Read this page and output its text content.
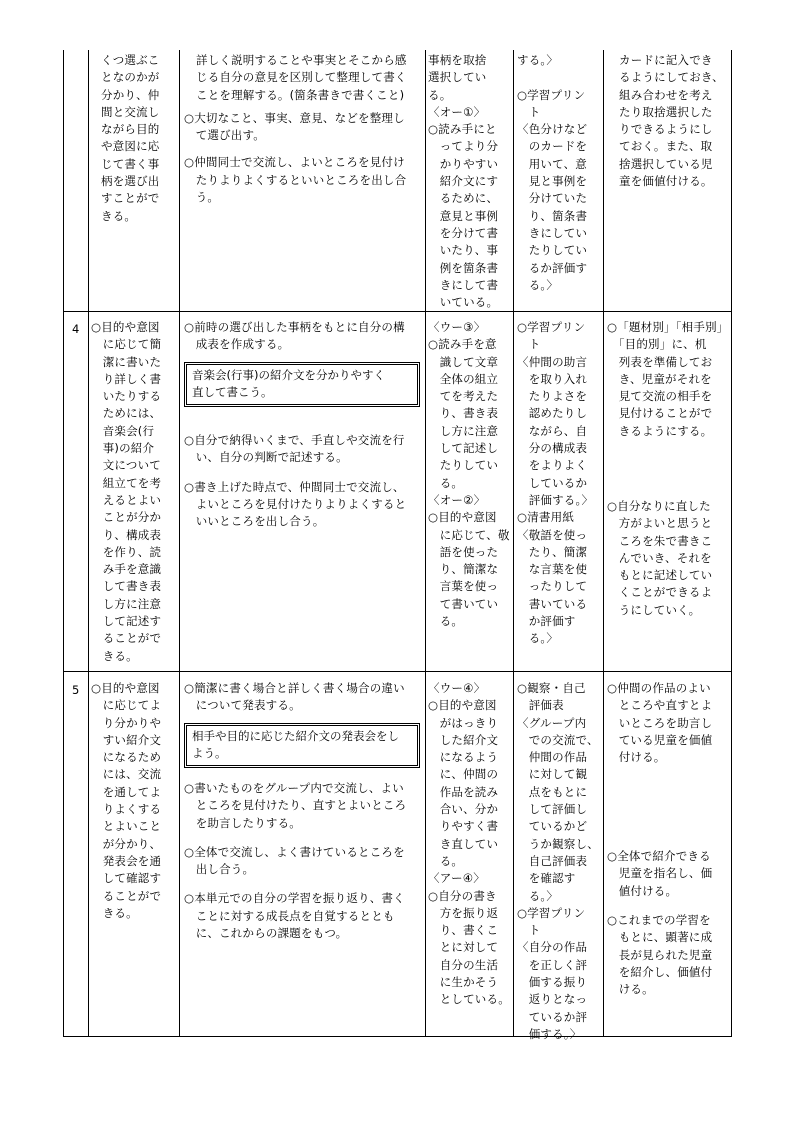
くつ選ぶこ
となのかが
分かり、仲
間と交流し
ながら目的
や意図に応
じて書く事
柄を選び出
すことがで
きる。
詳しく説明することや事実とそこから感
じる自分の意見を区別して整理して書く
ことを理解する。(箇条書きで書くこと)
○大切なこと、事実、意見、などを整理し
　て選び出す。
○仲間同士で交流し、よいところを見付け
　たりよりよくするといいところを出し合
　う。
事柄を取捨
選択してい
る。
〈オー①〉
○読み手にと
　ってより分
　かりやすい
　紹介文にす
　るために、
　意見と事例
　を分けて書
　いたり、事
　例を箇条書
　きにして書
　いている。
する。〉

○学習プリン
　ト
〈色分けなど
　のカードを
　用いて、意
　見と事例を
　分けていた
　り、箇条書
　きにしてい
　たりしてい
　るか評価す
　る。〉
カードに記入でき
るようにしておき、
組み合わせを考え
たり取捨選択した
りできるようにし
ておく。また、取
捨選択している児
童を価値付ける。
4 ○目的や意図
　に応じて簡
　潔に書いた
　り詳しく書
　いたりする
　ためには、
　音楽会(行
　事)の紹介
　文について
　組立てを考
　えるとよい
　ことが分か
　り、構成表
　を作り、読
　み手を意識
　して書き表
　し方に注意
　して記述す
　ることがで
　きる。
○前時の選び出した事柄をもとに自分の構
　成表を作成する。
音楽会(行事)の紹介文を分かりやすく
直して書こう。
○自分で納得いくまで、手直しや交流を行
　い、自分の判断で記述する。
○書き上げた時点で、仲間同士で交流し、
　よいところを見付けたりよりよくすると
　いいところを出し合う。
〈ウー③〉
○読み手を意
　識して文章
　全体の組立
　てを考えた
　り、書き表
　し方に注意
　して記述し
　たりしてい
　る。
〈オー②〉
○目的や意図
　に応じて、敬
　語を使った
　り、簡潔な
　言葉を使っ
　て書いてい
　る。
○学習プリン
　ト
〈仲間の助言
　を取り入れ
　たりよさを
　認めたりし
　ながら、自
　分の構成表
　をよりよく
　しているか
　評価する。〉
○清書用紙
〈敬語を使っ
　たり、簡潔
　な言葉を使
　ったりして
　書いている
　か評価す
　る。〉
○「題材別」「相手別」
　「目的別」に、机
　列表を準備してお
　き、児童がそれを
　見て交流の相手を
　見付けることがで
　きるようにする。
○自分なりに直した
　方がよいと思うと
　ころを朱で書きこ
　んでいき、それを
　もとに記述してい
　くことができるよ
　うにしていく。
5 ○目的や意図
　に応じてよ
　り分かりや
　すい紹介文
　になるため
　には、交流
　を通してよ
　りよくする
　とよいこと
　が分かり、
　発表会を通
　して確認す
　ることがで
　きる。
○簡潔に書く場合と詳しく書く場合の違い
　について発表する。
相手や目的に応じた紹介文の発表会をし
よう。
○書いたものをグループ内で交流し、よい
　ところを見付けたり、直すとよいところ
　を助言したりする。
○全体で交流し、よく書けているところを
　出し合う。
○本単元での自分の学習を振り返り、書く
　ことに対する成長点を自覚するととも
　に、これからの課題をもつ。
〈ウー④〉
○目的や意図
　がはっきり
　した紹介文
　になるよう
　に、仲間の
　作品を読み
　合い、分か
　りやすく書
　き直してい
　る。
〈アー④〉
○自分の書き
　方を振り返
　り、書くこ
　とに対して
　自分の生活
　に生かそう
　としている。
○観察・自己
　評価表
〈グループ内
　での交流で、
　仲間の作品
　に対して観
　点をもとに
　して評価し
　ているかど
　うか観察し、
　自己評価表
　を確認す
　る。〉
○学習プリン
　ト
〈自分の作品
　を正しく評
　価する振り
　返りとなっ
　ているか評
　価する。〉
○仲間の作品のよい
　ところや直すとよ
　いところを助言し
　ている児童を価値
　付ける。
○全体で紹介できる
　児童を指名し、価
　値付ける。
○これまでの学習を
　もとに、顕著に成
　長が見られた児童
　を紹介し、価値付
　ける。
